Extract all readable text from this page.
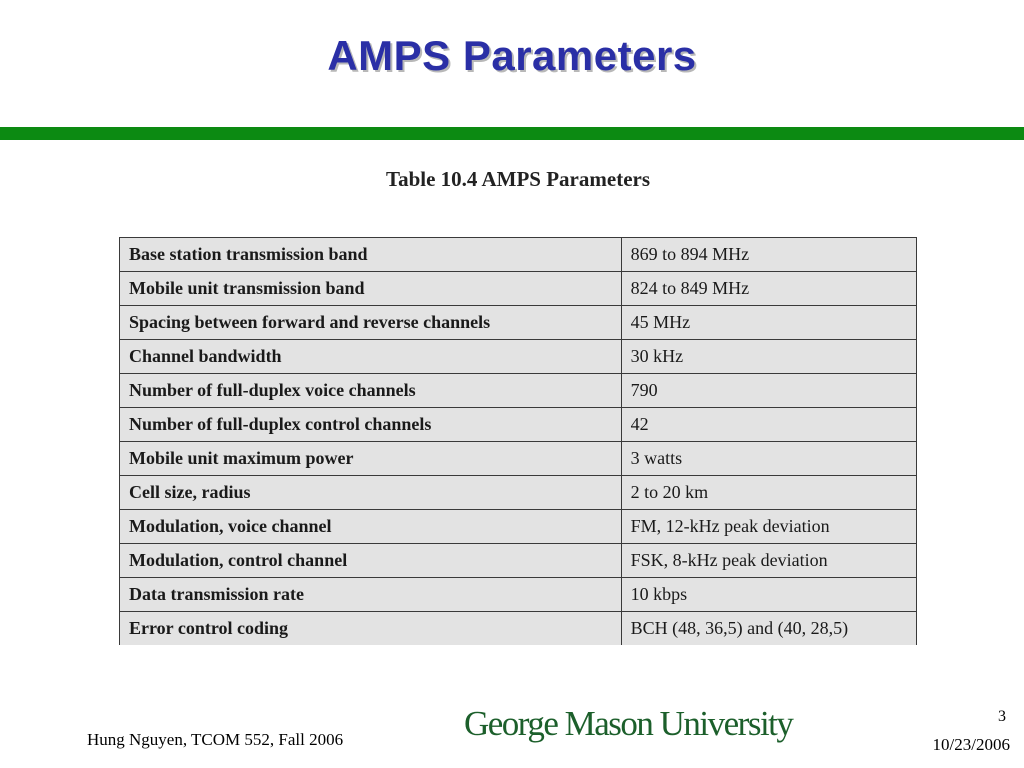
AMPS Parameters
Table 10.4 AMPS Parameters
Base station transmission band	869 to 894 MHz
Mobile unit transmission band	824 to 849 MHz
Spacing between forward and reverse channels	45 MHz
Channel bandwidth	30 kHz
Number of full-duplex voice channels	790
Number of full-duplex control channels	42
Mobile unit maximum power	3 watts
Cell size, radius	2 to 20 km
Modulation, voice channel	FM, 12-kHz peak deviation
Modulation, control channel	FSK, 8-kHz peak deviation
Data transmission rate	10 kbps
Error control coding	BCH (48, 36,5) and (40, 28,5)
Hung Nguyen, TCOM 552, Fall 2006	George Mason University	3
10/23/2006
